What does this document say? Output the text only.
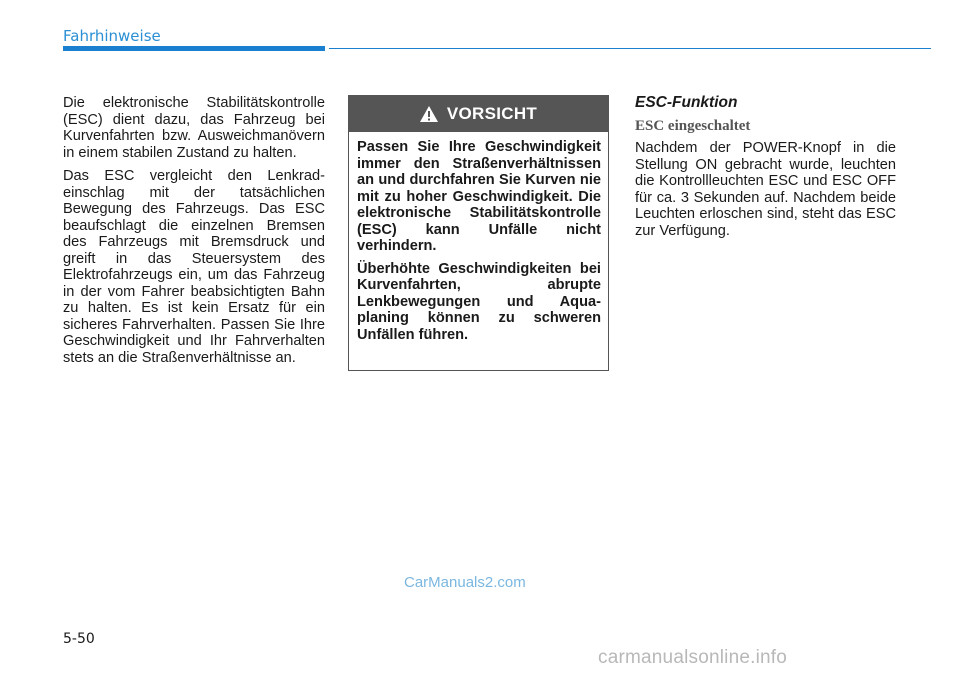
Fahrhinweise

Die elektronische Stabilitätskontrolle (ESC) dient dazu, das Fahrzeug bei Kurvenfahrten bzw. Ausweichmanövern in einem stabilen Zustand zu halten.

Das ESC vergleicht den Lenkradeinschlag mit der tatsächlichen Bewegung des Fahrzeugs. Das ESC beaufschlagt die einzelnen Bremsen des Fahrzeugs mit Bremsdruck und greift in das Steuersystem des Elektrofahrzeugs ein, um das Fahrzeug in der vom Fahrer beabsichtigten Bahn zu halten. Es ist kein Ersatz für ein sicheres Fahrverhalten. Passen Sie Ihre Geschwindigkeit und Ihr Fahrverhalten stets an die Straßenverhältnisse an.

VORSICHT

Passen Sie Ihre Geschwindigkeit immer den Straßenverhältnissen an und durchfahren Sie Kurven nie mit zu hoher Geschwindigkeit. Die elektronische Stabilitätskontrolle (ESC) kann Unfälle nicht verhindern.

Überhöhte Geschwindigkeiten bei Kurvenfahrten, abrupte Lenkbewegungen und Aquaplaning können zu schweren Unfällen führen.

ESC-Funktion
ESC eingeschaltet

Nachdem der POWER-Knopf in die Stellung ON gebracht wurde, leuchten die Kontrollleuchten ESC und ESC OFF für ca. 3 Sekunden auf. Nachdem beide Leuchten erloschen sind, steht das ESC zur Verfügung.

CarManuals2.com
5-50
carmanualsonline.info
